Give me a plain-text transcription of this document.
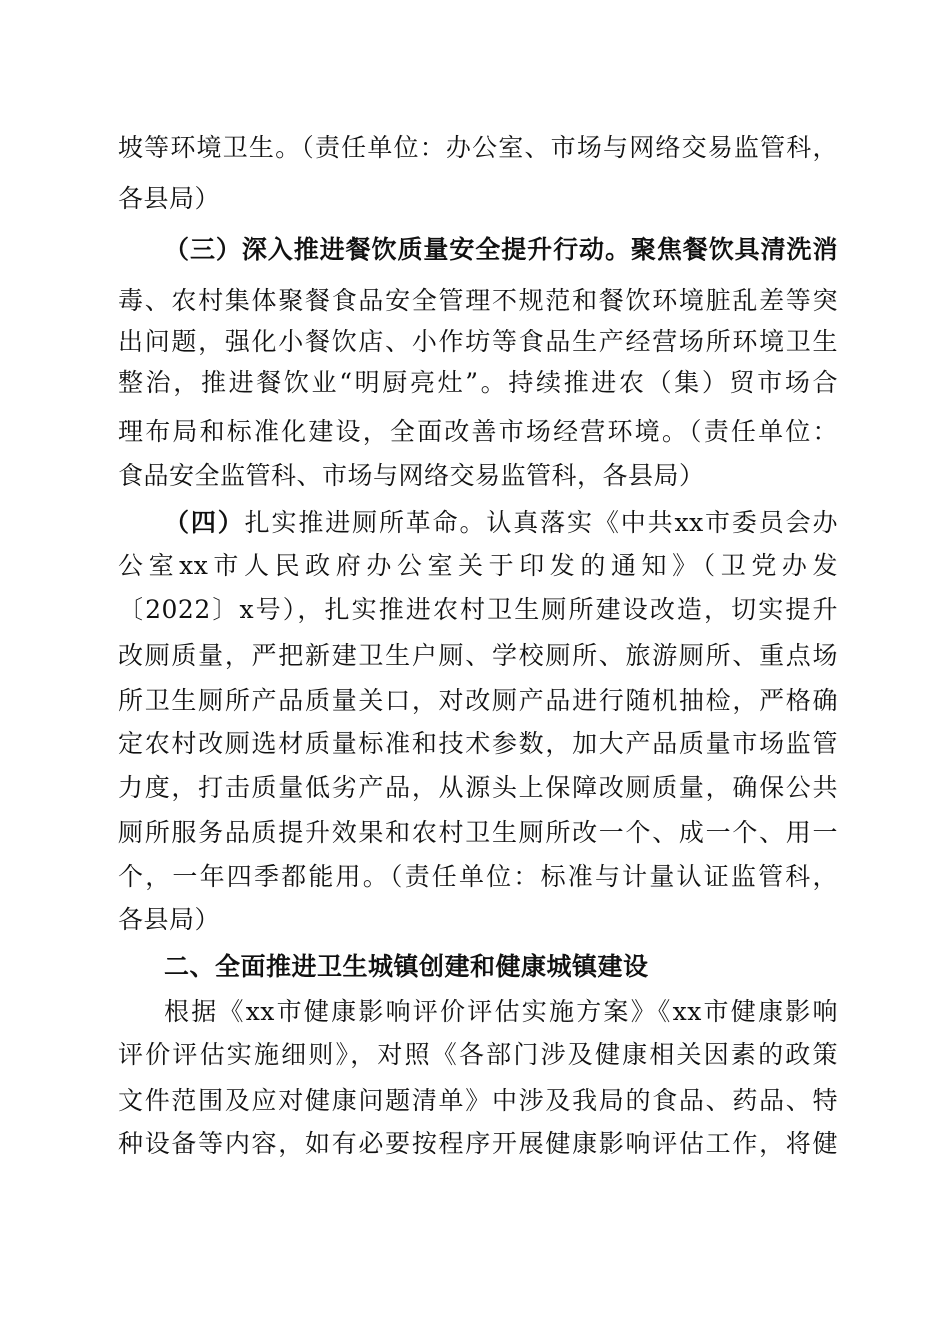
坡等环境卫生。（责任单位：办公室、市场与网络交易监管科，
各县局）
（三）深入推进餐饮质量安全提升行动。聚焦餐饮具清洗消
毒、农村集体聚餐食品安全管理不规范和餐饮环境脏乱差等突
出问题，强化小餐饮店、小作坊等食品生产经营场所环境卫生
整治，推进餐饮业“明厨亮灶”。持续推进农（集）贸市场合
理布局和标准化建设，全面改善市场经营环境。（责任单位：
食品安全监管科、市场与网络交易监管科，各县局）
（四）扎实推进厕所革命。认真落实《中共xx市委员会办
公室xx市人民政府办公室关于印发的通知》（卫党办发
〔2022〕x号），扎实推进农村卫生厕所建设改造，切实提升
改厕质量，严把新建卫生户厕、学校厕所、旅游厕所、重点场
所卫生厕所产品质量关口，对改厕产品进行随机抽检，严格确
定农村改厕选材质量标准和技术参数，加大产品质量市场监管
力度，打击质量低劣产品，从源头上保障改厕质量，确保公共
厕所服务品质提升效果和农村卫生厕所改一个、成一个、用一
个，一年四季都能用。（责任单位：标准与计量认证监管科，
各县局）
二、全面推进卫生城镇创建和健康城镇建设
根据《xx市健康影响评价评估实施方案》《xx市健康影响
评价评估实施细则》，对照《各部门涉及健康相关因素的政策
文件范围及应对健康问题清单》中涉及我局的食品、药品、特
种设备等内容，如有必要按程序开展健康影响评估工作，将健
